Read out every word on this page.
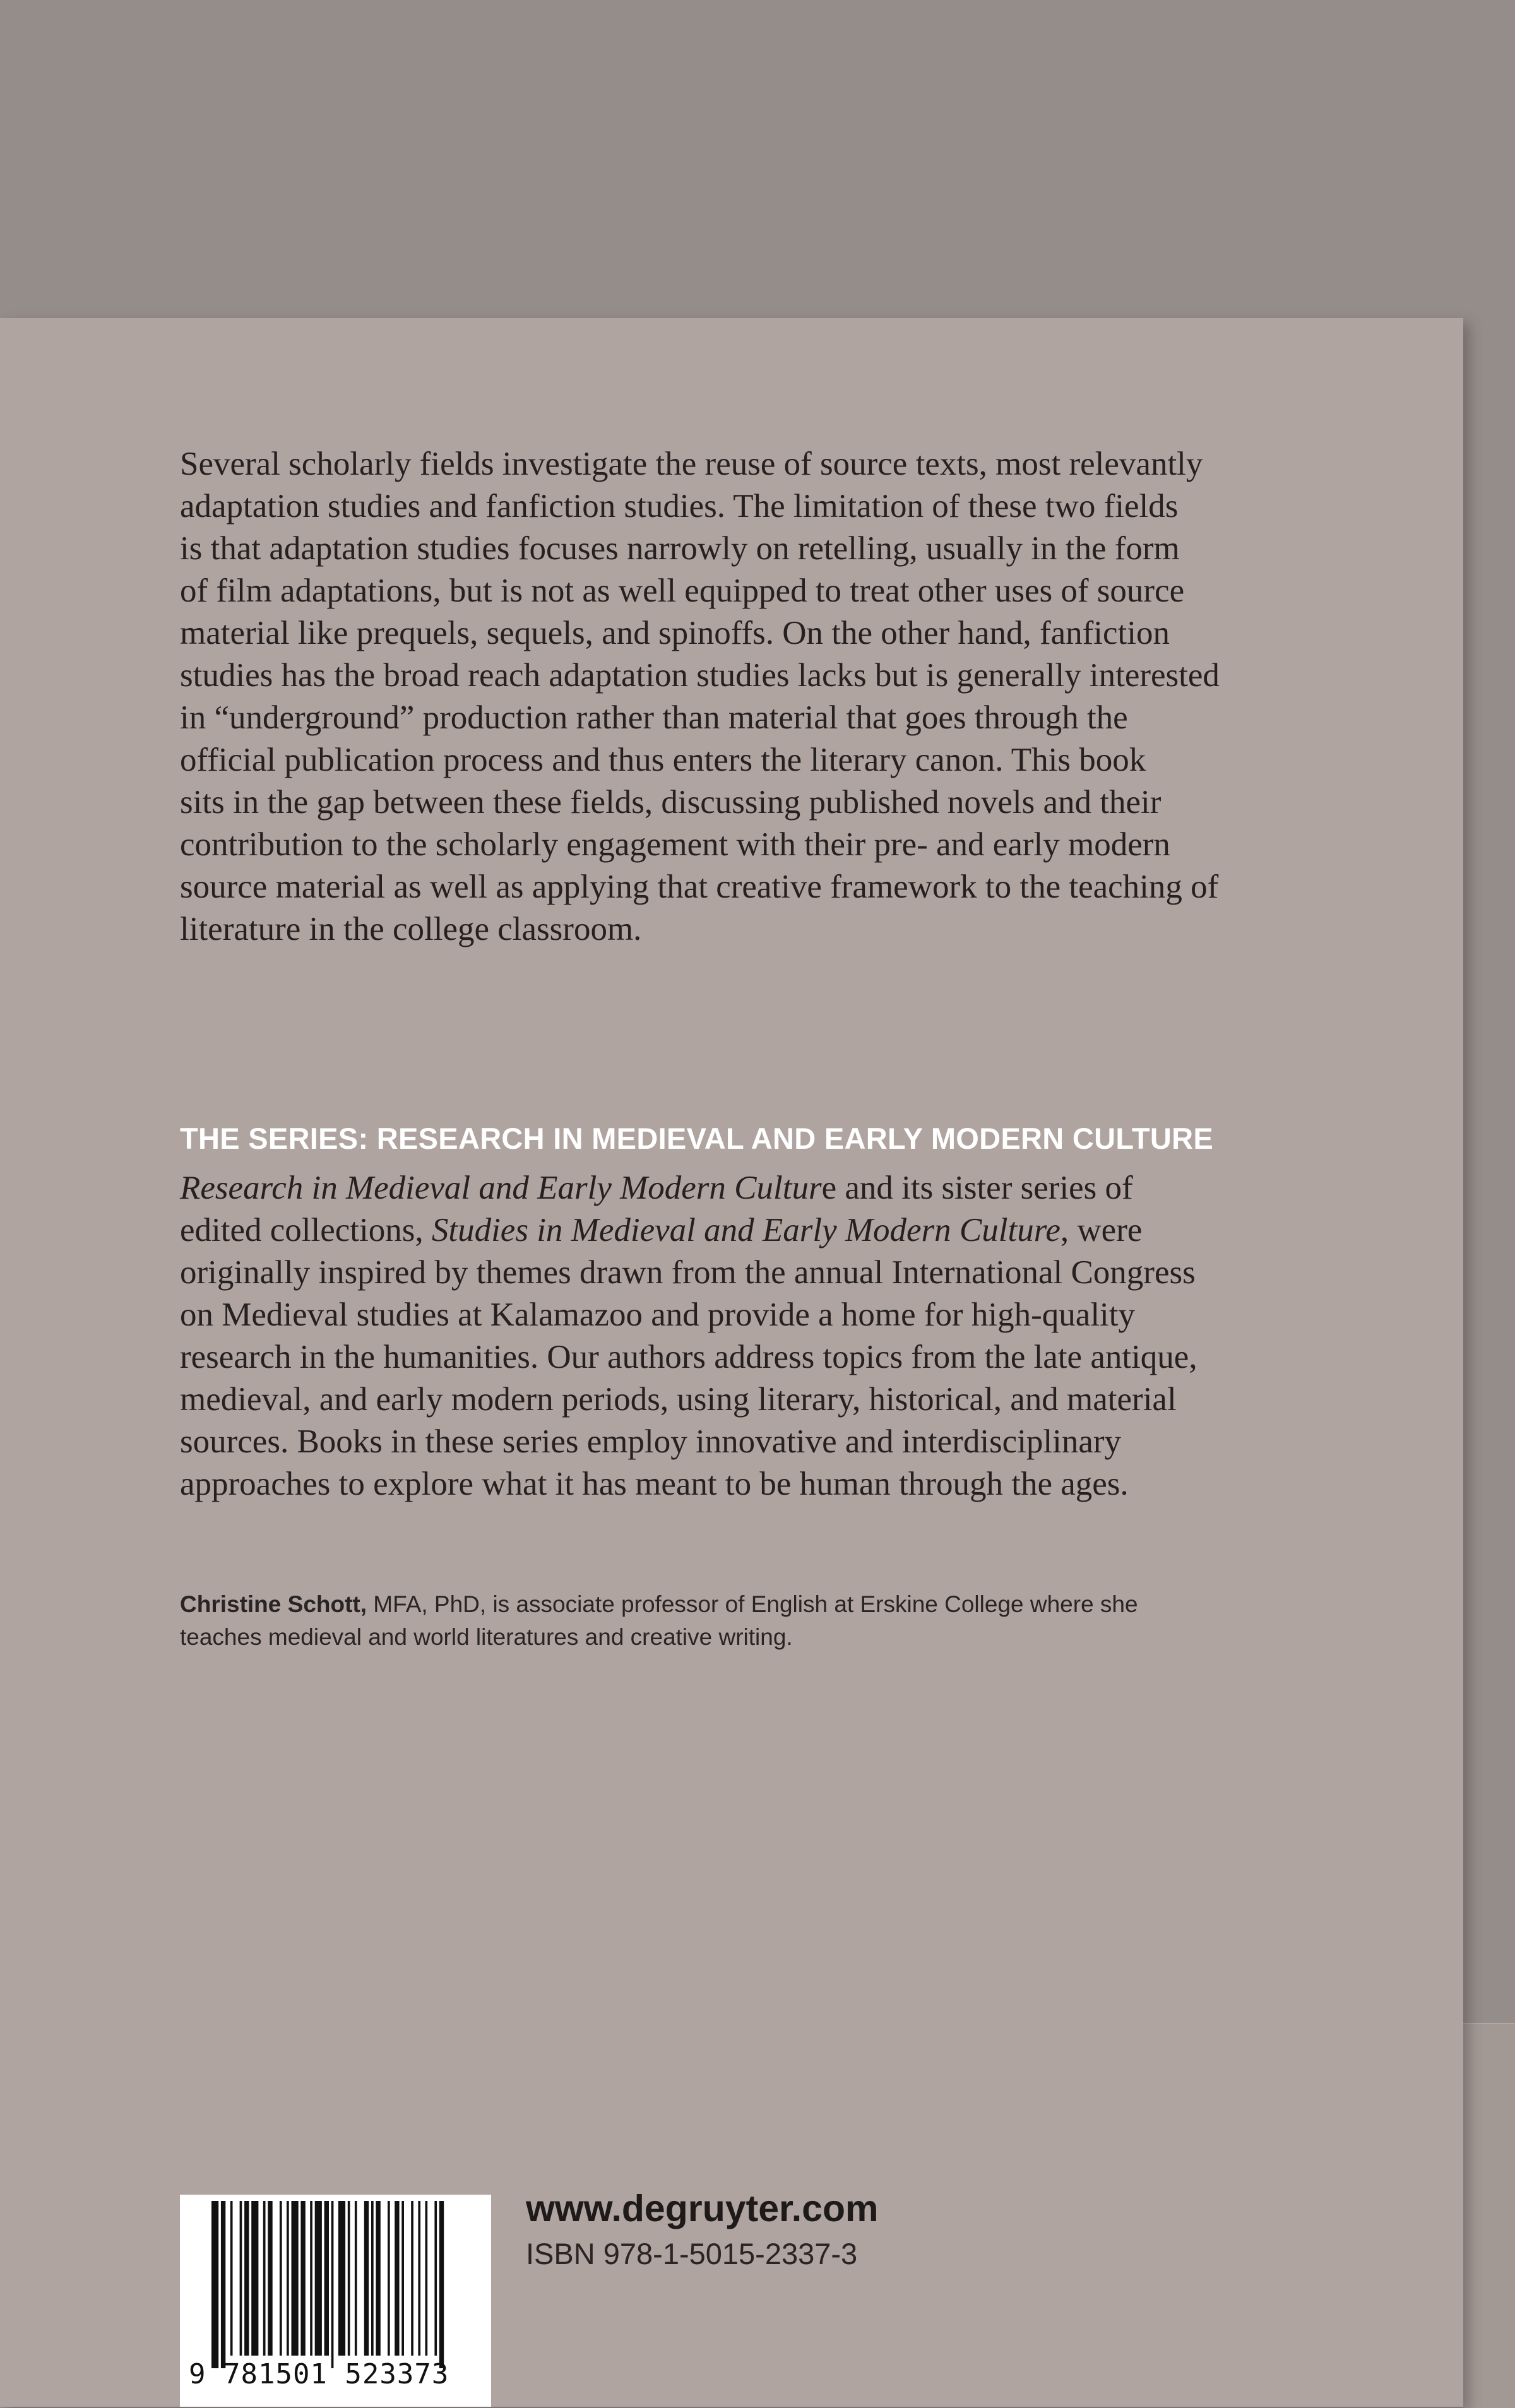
Several scholarly fields investigate the reuse of source texts, most relevantly
adaptation studies and fanfiction studies. The limitation of these two fields
is that adaptation studies focuses narrowly on retelling, usually in the form
of film adaptations, but is not as well equipped to treat other uses of source
material like prequels, sequels, and spinoffs. On the other hand, fanfiction
studies has the broad reach adaptation studies lacks but is generally interested
in “underground” production rather than material that goes through the
official publication process and thus enters the literary canon. This book
sits in the gap between these fields, discussing published novels and their
contribution to the scholarly engagement with their pre- and early modern
source material as well as applying that creative framework to the teaching of
literature in the college classroom.

THE SERIES: RESEARCH IN MEDIEVAL AND EARLY MODERN CULTURE
Research in Medieval and Early Modern Culture and its sister series of
edited collections, Studies in Medieval and Early Modern Culture, were
originally inspired by themes drawn from the annual International Congress
on Medieval studies at Kalamazoo and provide a home for high-quality
research in the humanities. Our authors address topics from the late antique,
medieval, and early modern periods, using literary, historical, and material
sources. Books in these series employ innovative and interdisciplinary
approaches to explore what it has meant to be human through the ages.
Christine Schott, MFA, PhD, is associate professor of English at Erskine College where she
teaches medieval and world literatures and creative writing.
9 781501 523373

www.degruyter.com

ISBN 978-1-5015-2337-3
